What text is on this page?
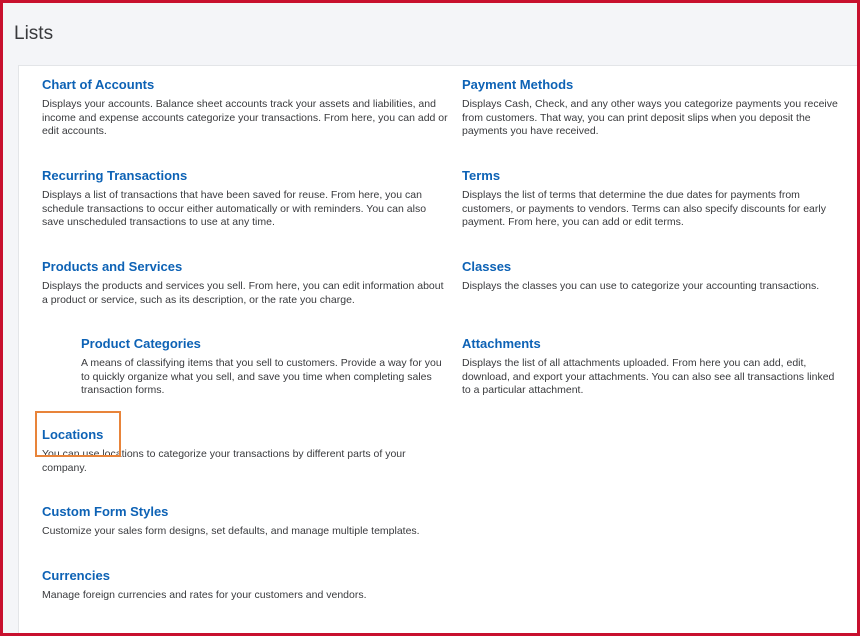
Lists
Chart of Accounts
Displays your accounts. Balance sheet accounts track your assets and liabilities, and income and expense accounts categorize your transactions. From here, you can add or edit accounts.
Recurring Transactions
Displays a list of transactions that have been saved for reuse. From here, you can schedule transactions to occur either automatically or with reminders. You can also save unscheduled transactions to use at any time.
Products and Services
Displays the products and services you sell. From here, you can edit information about a product or service, such as its description, or the rate you charge.
Product Categories
A means of classifying items that you sell to customers. Provide a way for you to quickly organize what you sell, and save you time when completing sales transaction forms.
Locations
You can use locations to categorize your transactions by different parts of your company.
Custom Form Styles
Customize your sales form designs, set defaults, and manage multiple templates.
Currencies
Manage foreign currencies and rates for your customers and vendors.
Payment Methods
Displays Cash, Check, and any other ways you categorize payments you receive from customers. That way, you can print deposit slips when you deposit the payments you have received.
Terms
Displays the list of terms that determine the due dates for payments from customers, or payments to vendors. Terms can also specify discounts for early payment. From here, you can add or edit terms.
Classes
Displays the classes you can use to categorize your accounting transactions.
Attachments
Displays the list of all attachments uploaded. From here you can add, edit, download, and export your attachments. You can also see all transactions linked to a particular attachment.
